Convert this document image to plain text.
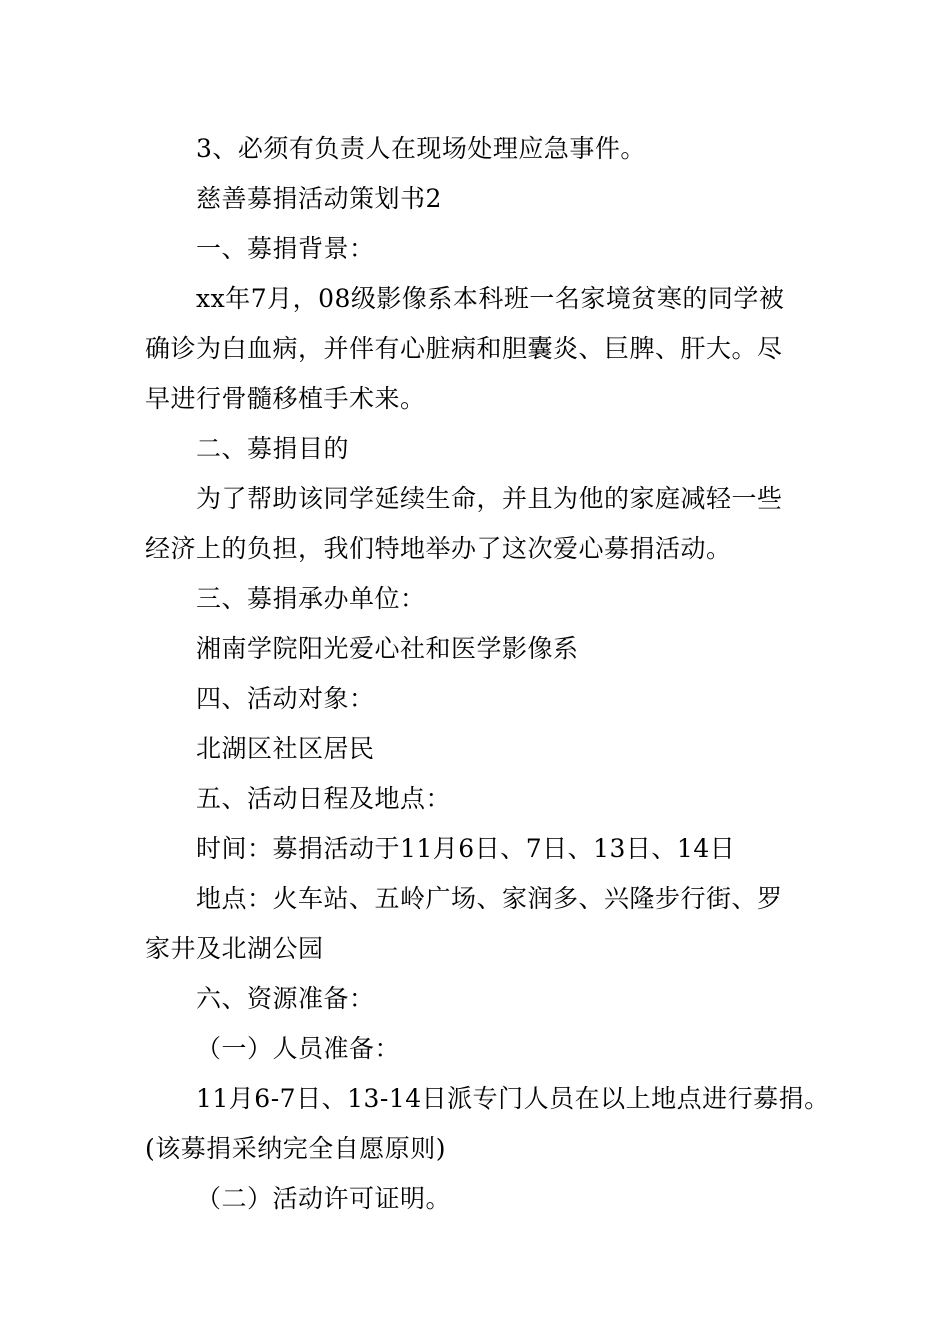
3、必须有负责人在现场处理应急事件。
慈善募捐活动策划书2
一、募捐背景：
xx年7月，08级影像系本科班一名家境贫寒的同学被
确诊为白血病，并伴有心脏病和胆囊炎、巨脾、肝大。尽
早进行骨髓移植手术来。
二、募捐目的
为了帮助该同学延续生命，并且为他的家庭减轻一些
经济上的负担，我们特地举办了这次爱心募捐活动。
三、募捐承办单位：
湘南学院阳光爱心社和医学影像系
四、活动对象：
北湖区社区居民
五、活动日程及地点：
时间：募捐活动于11月6日、7日、13日、14日
地点：火车站、五岭广场、家润多、兴隆步行街、罗
家井及北湖公园
六、资源准备：
（一）人员准备：
11月6-7日、13-14日派专门人员在以上地点进行募捐。
(该募捐采纳完全自愿原则)
（二）活动许可证明。
